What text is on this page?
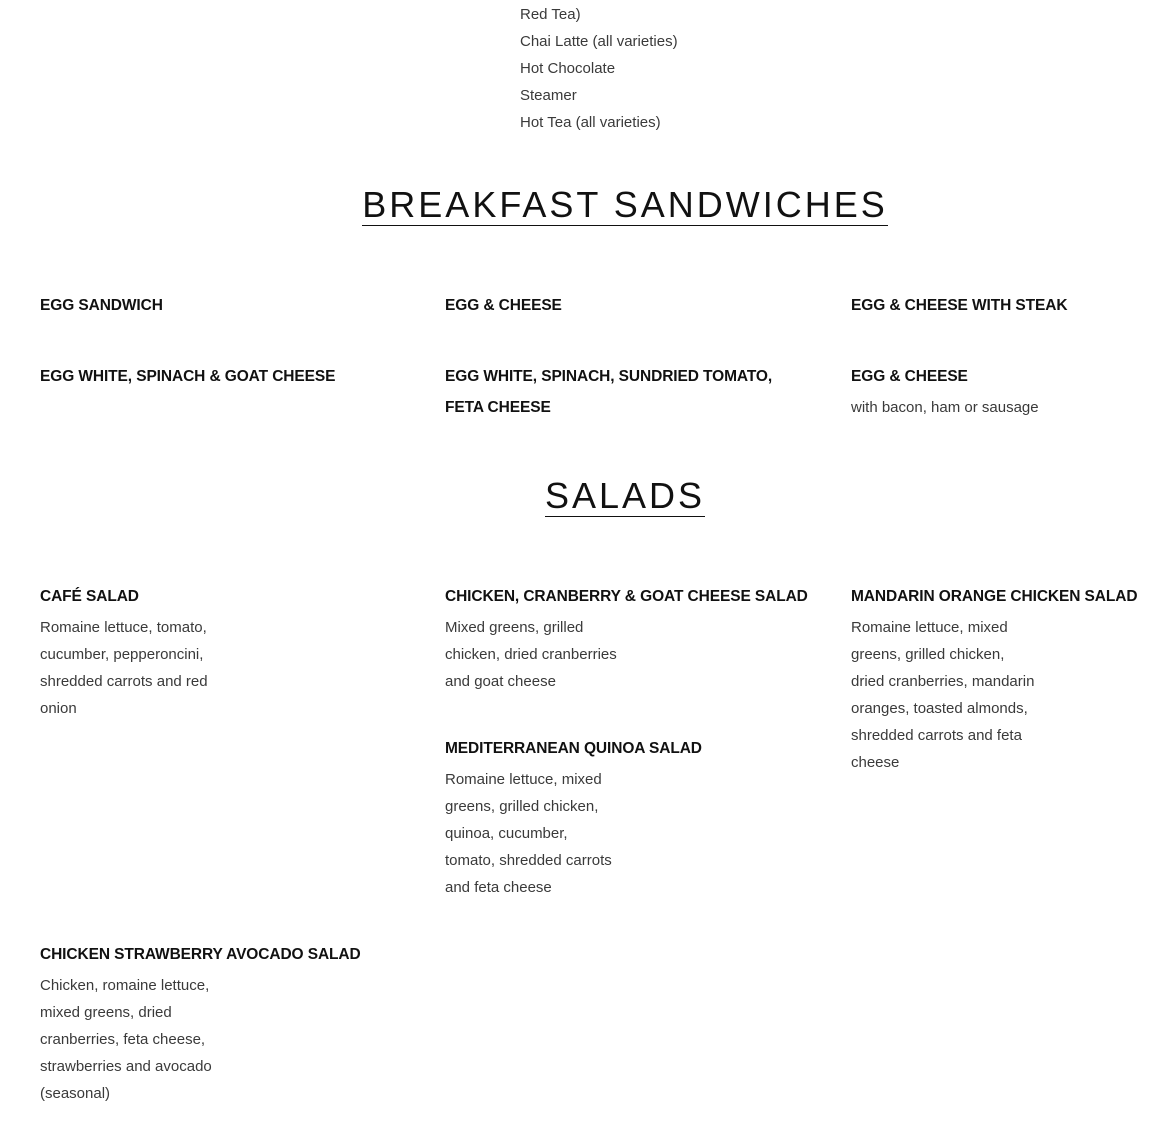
Red Tea)
Chai Latte (all varieties)
Hot Chocolate
Steamer
Hot Tea (all varieties)
BREAKFAST SANDWICHES
EGG SANDWICH	EGG & CHEESE	EGG & CHEESE WITH STEAK
EGG WHITE, SPINACH & GOAT CHEESE	EGG WHITE, SPINACH, SUNDRIED TOMATO, FETA CHEESE
EGG & CHEESE
with bacon, ham or sausage
SALADS
CAFÉ SALAD
Romaine lettuce, tomato, cucumber, pepperoncini, shredded carrots and red onion
CHICKEN, CRANBERRY & GOAT CHEESE SALAD
Mixed greens, grilled chicken, dried cranberries and goat cheese
MANDARIN ORANGE CHICKEN SALAD
Romaine lettuce, mixed greens, grilled chicken, dried cranberries, mandarin oranges, toasted almonds, shredded carrots and feta cheese
MEDITERRANEAN QUINOA SALAD
Romaine lettuce, mixed greens, grilled chicken, quinoa, cucumber, tomato, shredded carrots and feta cheese
CHICKEN STRAWBERRY AVOCADO SALAD
Chicken, romaine lettuce, mixed greens, dried cranberries, feta cheese, strawberries and avocado (seasonal)
